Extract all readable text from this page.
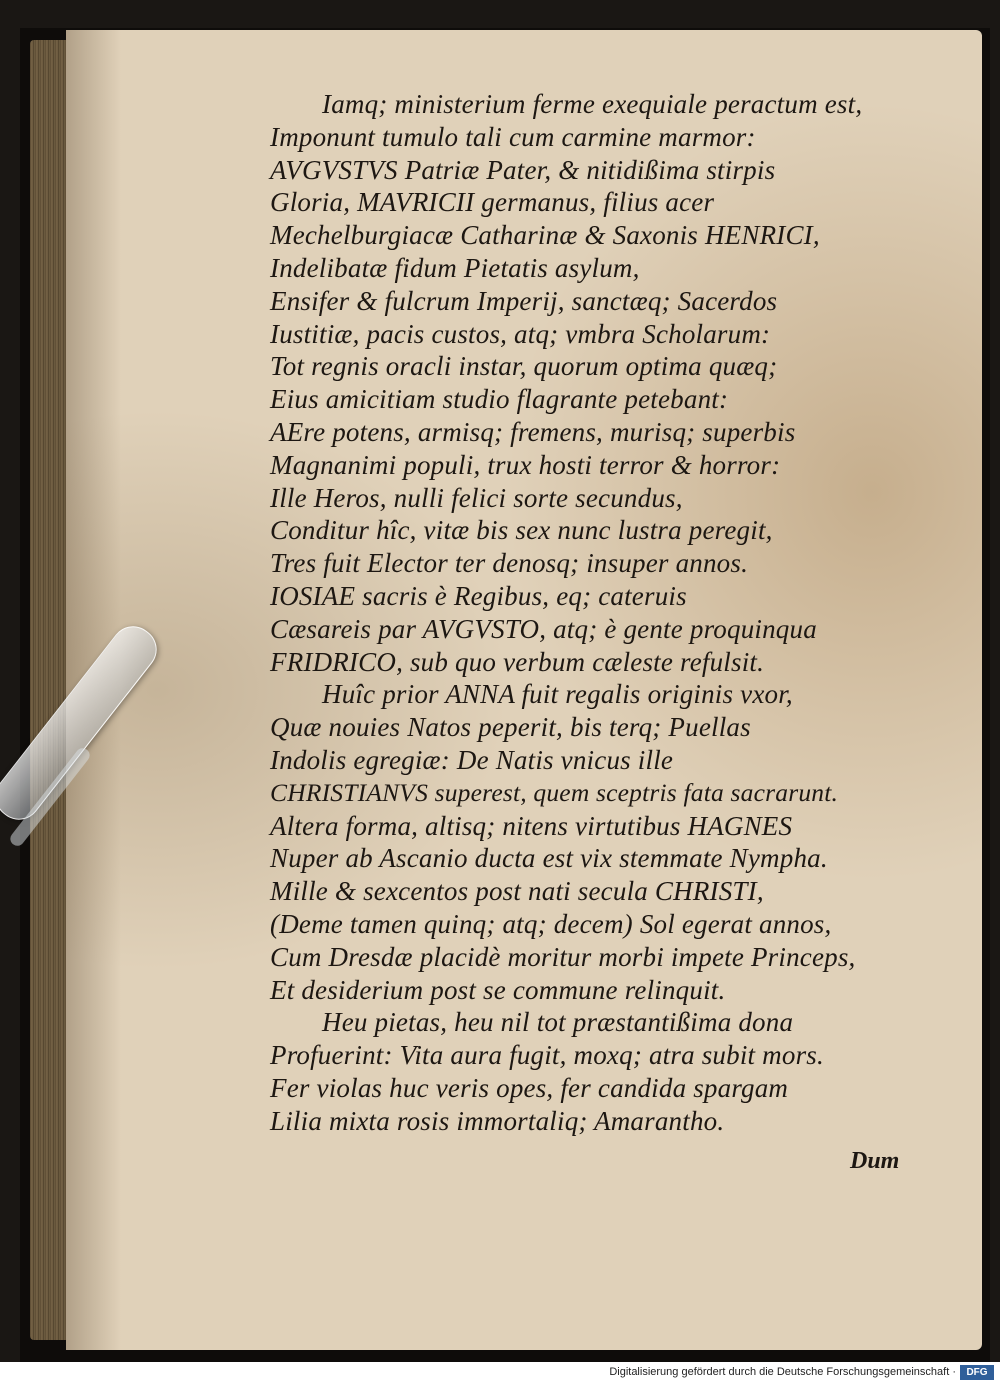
Iamq; ministerium ferme exequiale peractum est,
Imponunt tumulo tali cum carmine marmor:
AVGVSTVS Patriæ Pater, & nitidißima stirpis
Gloria, MAVRICII germanus, filius acer
Mechelburgiacæ Catharinæ & Saxonis HENRICI,
Indelibatæ fidum Pietatis asylum,
Ensifer & fulcrum Imperij, sanctæq; Sacerdos
Iustitiæ, pacis custos, atq; vmbra Scholarum:
Tot regnis oracli instar, quorum optima quæq;
Eius amicitiam studio flagrante petebant:
AEre potens, armisq; fremens, murisq; superbis
Magnanimi populi, trux hosti terror & horror:
Ille Heros, nulli felici sorte secundus,
Conditur hîc, vitæ bis sex nunc lustra peregit,
Tres fuit Elector ter denosq; insuper annos.
IOSIAE sacris è Regibus, eq; cateruis
Cæsareis par AVGVSTO, atq; è gente proquinqua
FRIDRICO, sub quo verbum cæleste refulsit.
Huîc prior ANNA fuit regalis originis vxor,
Quæ nouies Natos peperit, bis terq; Puellas
Indolis egregiæ: De Natis vnicus ille
CHRISTIANVS superest, quem sceptris fata sacrarunt.
Altera forma, altisq; nitens virtutibus HAGNES
Nuper ab Ascanio ducta est vix stemmate Nympha.
Mille & sexcentos post nati secula CHRISTI,
(Deme tamen quinq; atq; decem) Sol egerat annos,
Cum Dresdæ placidè moritur morbi impete Princeps,
Et desiderium post se commune relinquit.
Heu pietas, heu nil tot præstantißima dona
Profuerint: Vita aura fugit, moxq; atra subit mors.
Fer violas huc veris opes, fer candida spargam
Lilia mixta rosis immortaliq; Amarantho.
Dum
Digitalisierung gefördert durch die Deutsche Forschungsgemeinschaft ·	DFG
